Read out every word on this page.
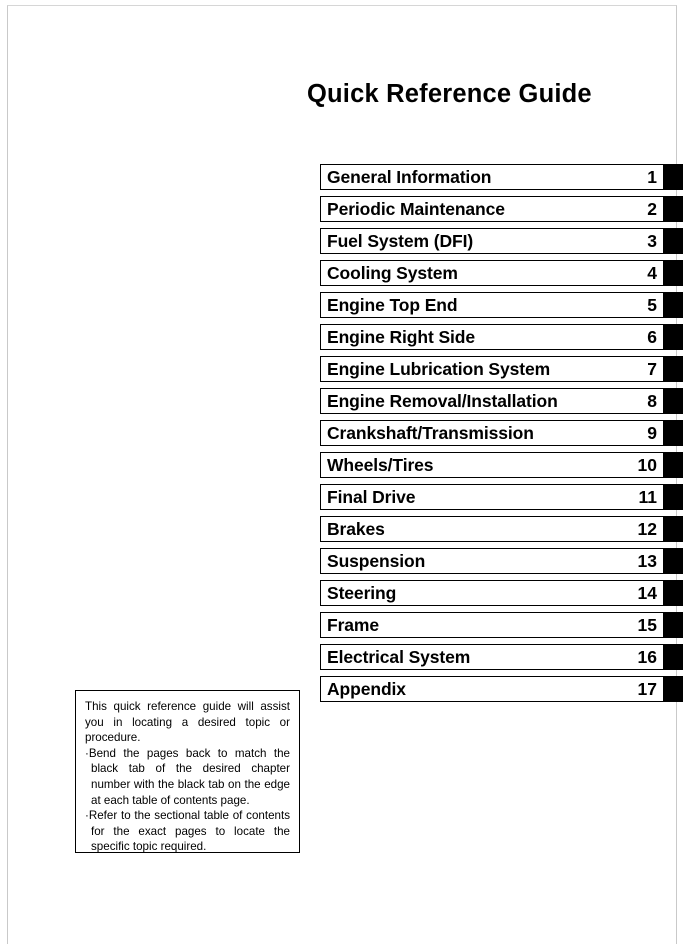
Quick Reference Guide
General Information	1
Periodic Maintenance	2
Fuel System (DFI)	3
Cooling System	4
Engine Top End	5
Engine Right Side	6
Engine Lubrication System	7
Engine Removal/Installation	8
Crankshaft/Transmission	9
Wheels/Tires	10
Final Drive	11
Brakes	12
Suspension	13
Steering	14
Frame	15
Electrical System	16
Appendix	17

This quick reference guide will assist you in locating a desired topic or procedure.

·Bend the pages back to match the black tab of the desired chapter number with the black tab on the edge at each table of contents page.

·Refer to the sectional table of contents for the exact pages to locate the specific topic required.
